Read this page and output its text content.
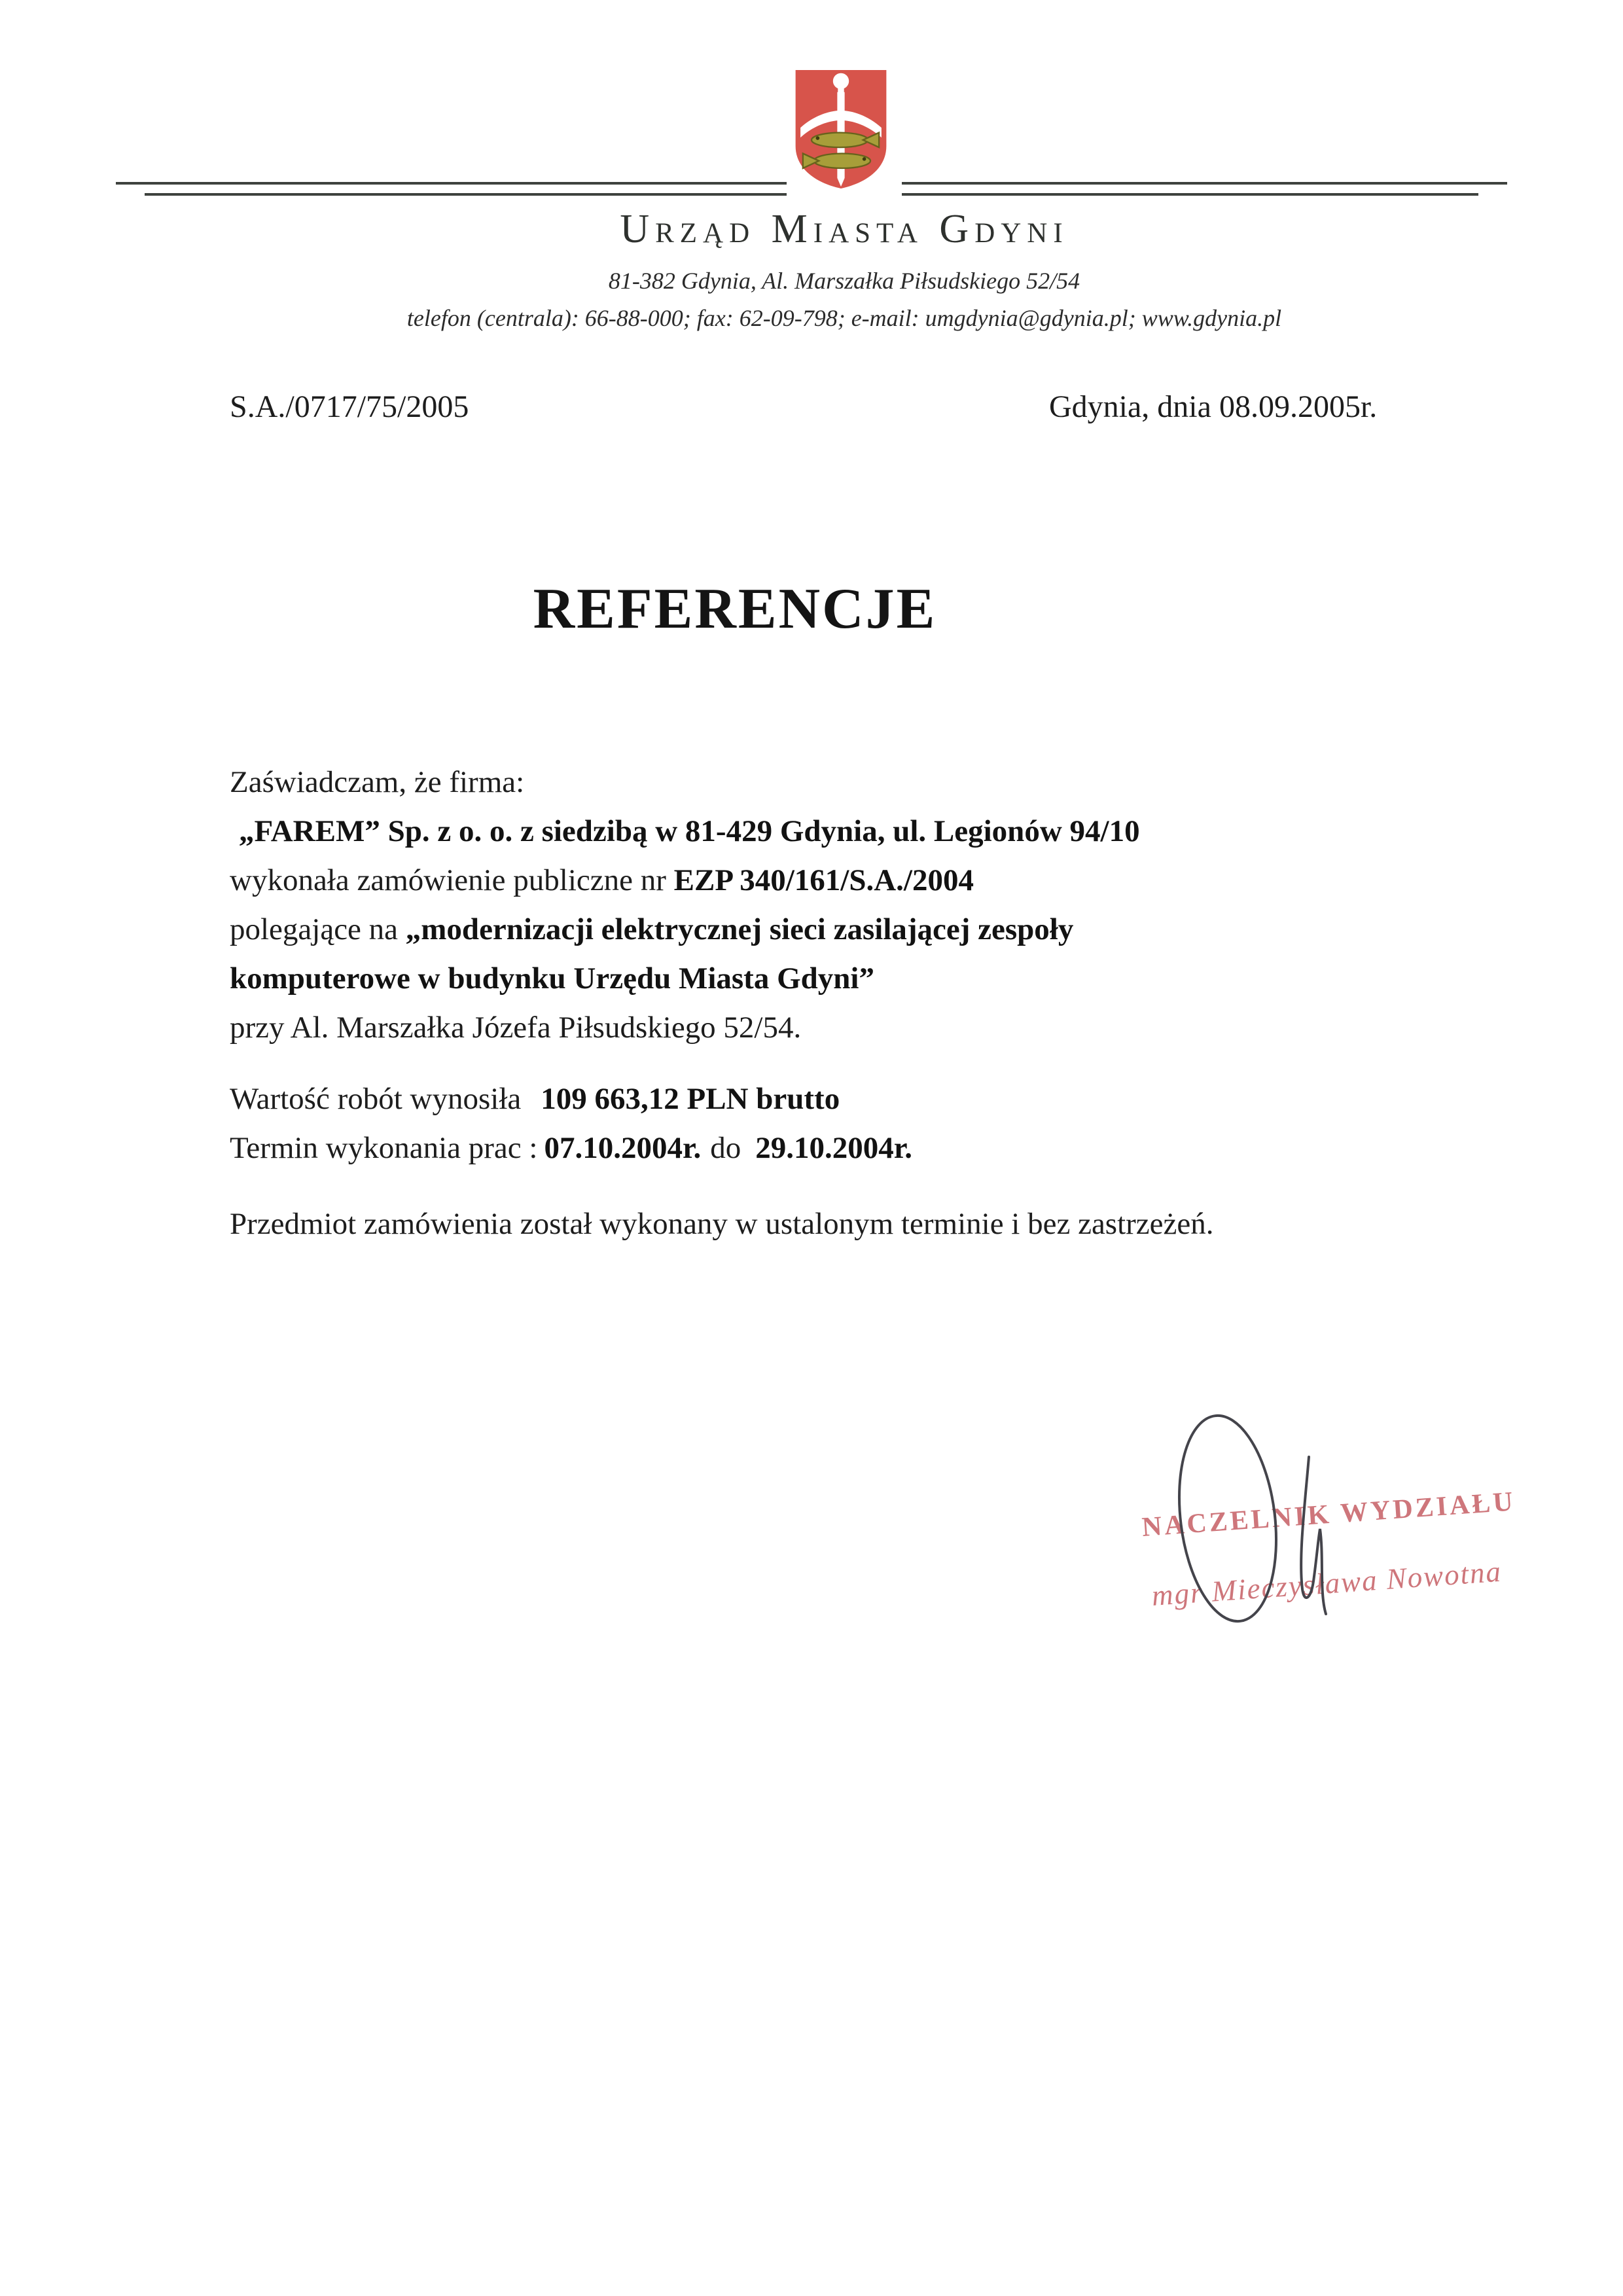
Urząd Miasta Gdyni
81-382 Gdynia, Al. Marszałka Piłsudskiego 52/54
telefon (centrala): 66-88-000; fax: 62-09-798; e-mail: umgdynia@gdynia.pl; www.gdynia.pl
S.A./0717/75/2005	Gdynia, dnia 08.09.2005r.
REFERENCJE
Zaświadczam, że firma:
„FAREM” Sp. z o. o. z siedzibą w 81-429 Gdynia, ul. Legionów 94/10
wykonała zamówienie publiczne nr EZP 340/161/S.A./2004
polegające na „modernizacji elektrycznej sieci zasilającej zespoły
komputerowe w budynku Urzędu Miasta Gdyni”
przy Al. Marszałka Józefa Piłsudskiego 52/54.
Wartość robót wynosiła 109 663,12 PLN brutto
Termin wykonania prac : 07.10.2004r. do 29.10.2004r.
Przedmiot zamówienia został wykonany w ustalonym terminie i bez zastrzeżeń.
NACZELNIK WYDZIAŁU
mgr Mieczysława Nowotna
